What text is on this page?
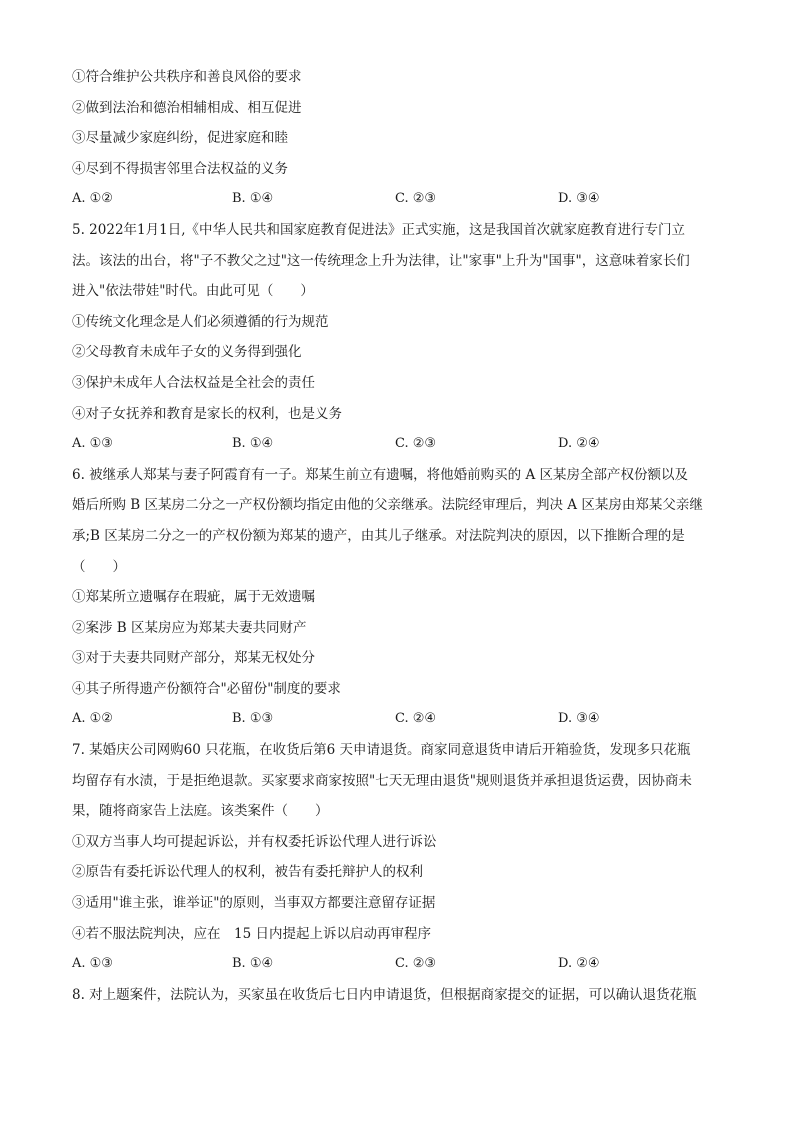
①符合维护公共秩序和善良风俗的要求
②做到法治和德治相辅相成、相互促进
③尽量减少家庭纠纷，促进家庭和睦
④尽到不得损害邻里合法权益的义务
A. ①②	B. ①④	C. ②③	D. ③④
5. 2022年1月1日,《中华人民共和国家庭教育促进法》正式实施，这是我国首次就家庭教育进行专门立
法。该法的出台，将"子不教父之过"这一传统理念上升为法律，让"家事"上升为"国事"，这意味着家长们
进入"依法带娃"时代。由此可见（　　）
①传统文化理念是人们必须遵循的行为规范
②父母教育未成年子女的义务得到强化
③保护未成年人合法权益是全社会的责任
④对子女抚养和教育是家长的权利，也是义务
A. ①③	B. ①④	C. ②③	D. ②④
6. 被继承人郑某与妻子阿霞育有一子。郑某生前立有遗嘱，将他婚前购买的 A 区某房全部产权份额以及
婚后所购 B 区某房二分之一产权份额均指定由他的父亲继承。法院经审理后，判决 A 区某房由郑某父亲继
承;B 区某房二分之一的产权份额为郑某的遗产，由其儿子继承。对法院判决的原因，以下推断合理的是
（　　）
①郑某所立遗嘱存在瑕疵，属于无效遗嘱
②案涉 B 区某房应为郑某夫妻共同财产
③对于夫妻共同财产部分，郑某无权处分
④其子所得遗产份额符合"必留份"制度的要求
A. ①②	B. ①③	C. ②④	D. ③④
7. 某婚庆公司网购60 只花瓶，在收货后第6 天申请退货。商家同意退货申请后开箱验货，发现多只花瓶
均留存有水渍，于是拒绝退款。买家要求商家按照"七天无理由退货"规则退货并承担退货运费，因协商未
果，随将商家告上法庭。该类案件（　　）
①双方当事人均可提起诉讼，并有权委托诉讼代理人进行诉讼
②原告有委托诉讼代理人的权利，被告有委托辩护人的权利
③适用"谁主张，谁举证"的原则，当事双方都要注意留存证据
④若不服法院判决，应在　15 日内提起上诉以启动再审程序
A. ①③	B. ①④	C. ②③	D. ②④
8. 对上题案件，法院认为，买家虽在收货后七日内申请退货，但根据商家提交的证据，可以确认退货花瓶
